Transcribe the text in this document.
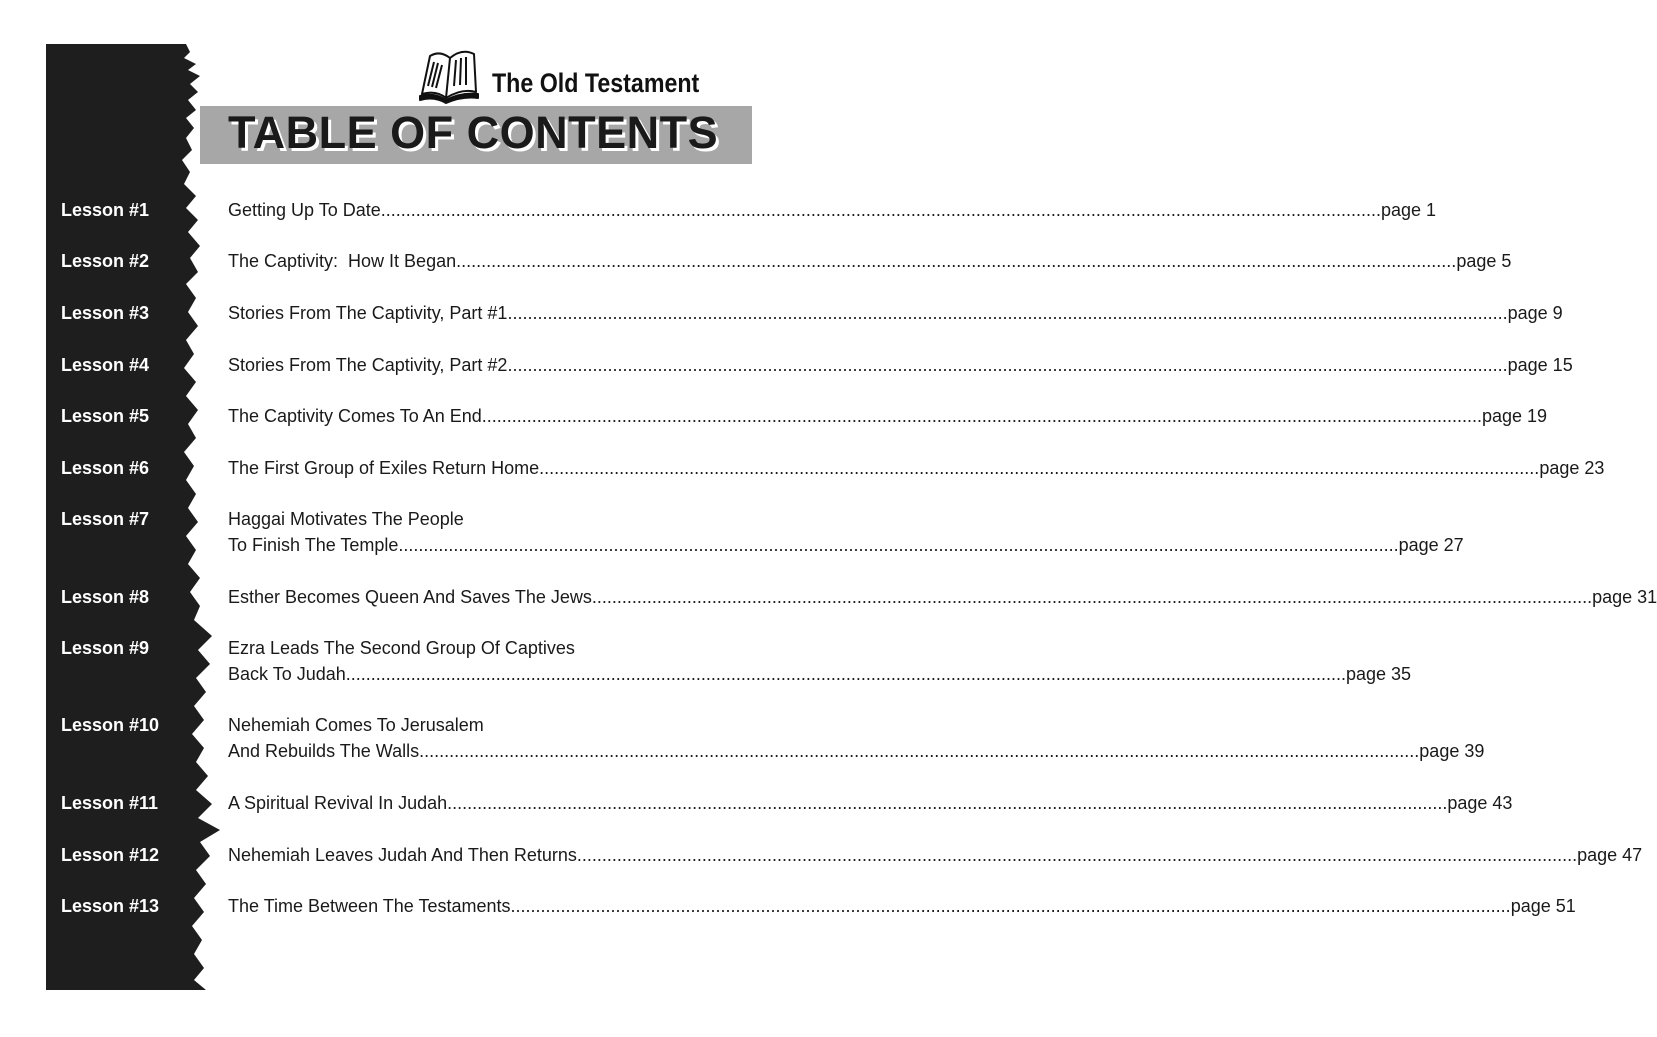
The Old Testament
TABLE OF CONTENTS
Lesson #1
Lesson #2
Lesson #3
Lesson #4
Lesson #5
Lesson #6
Lesson #7
Lesson #8
Lesson #9
Lesson #10
Lesson #11
Lesson #12
Lesson #13
Getting Up To Date ........................................................................................................................................................................................................ page 1
The Captivity:  How It Began ........................................................................................................................................................................................................ page 5
Stories From The Captivity, Part #1 ........................................................................................................................................................................................................ page 9
Stories From The Captivity, Part #2 ........................................................................................................................................................................................................ page 15
The Captivity Comes To An End ........................................................................................................................................................................................................ page 19
The First Group of Exiles Return Home ........................................................................................................................................................................................................ page 23
Haggai Motivates The People
To Finish The Temple ........................................................................................................................................................................................................ page 27
Esther Becomes Queen And Saves The Jews ........................................................................................................................................................................................................ page 31
Ezra Leads The Second Group Of Captives
Back To Judah ........................................................................................................................................................................................................ page 35
Nehemiah Comes To Jerusalem
And Rebuilds The Walls ........................................................................................................................................................................................................ page 39
A Spiritual Revival In Judah ........................................................................................................................................................................................................ page 43
Nehemiah Leaves Judah And Then Returns ........................................................................................................................................................................................................ page 47
The Time Between The Testaments ........................................................................................................................................................................................................ page 51
